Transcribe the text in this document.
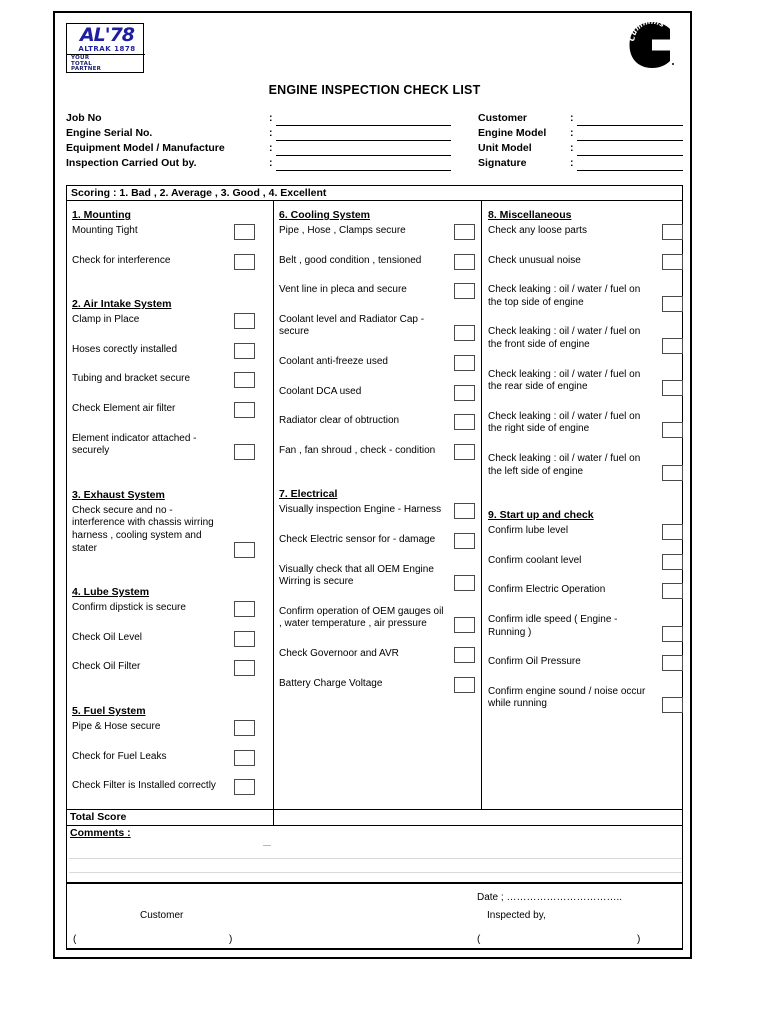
AL'78
ALTRAK 1878
YOUR
TOTAL
PARTNER
Cummins
ENGINE INSPECTION CHECK LIST
Job No	:	Customer	:
Engine Serial No.	:	Engine Model :
Equipment Model / Manufacture	:	Unit Model	:
Inspection Carried Out by.	:	Signature	:
Scoring : 1. Bad , 2. Average , 3. Good , 4. Excellent
1. Mounting
Mounting Tight
Check for interference
2. Air Intake System
Clamp in Place
Hoses corectly installed
Tubing and bracket secure
Check Element air filter
Element indicator attached - securely
3. Exhaust System
Check secure and no - interference with chassis wirring harness , cooling system and stater
4. Lube System
Confirm dipstick is secure
Check Oil Level
Check Oil Filter
5. Fuel System
Pipe & Hose secure
Check for Fuel Leaks
Check Filter is Installed correctly
6. Cooling System
Pipe , Hose , Clamps secure
Belt , good condition , tensioned
Vent line in pleca and secure
Coolant level and Radiator Cap - secure
Coolant anti-freeze used
Coolant DCA used
Radiator clear of obtruction
Fan , fan shroud , check - condition
7. Electrical
Visually inspection Engine - Harness
Check Electric sensor for - damage
Visually check that all OEM Engine Wirring is secure
Confirm operation of OEM gauges oil , water temperature , air pressure
Check Governoor and AVR
Battery Charge Voltage
8. Miscellaneous
Check any loose parts
Check unusual noise
Check leaking : oil / water / fuel on the top side of engine
Check leaking : oil / water / fuel on the front side of engine
Check leaking : oil / water / fuel on the rear side of engine
Check leaking : oil / water / fuel on the right side of engine
Check leaking : oil / water / fuel on the left side of engine
9. Start up and check
Confirm lube level
Confirm coolant level
Confirm Electric Operation
Confirm idle speed ( Engine - Running )
Confirm Oil Pressure
Confirm engine sound / noise occur while running
Total Score
Comments :
Customer
Date ; ……………………………..
Inspected by,
(	)	(	)
